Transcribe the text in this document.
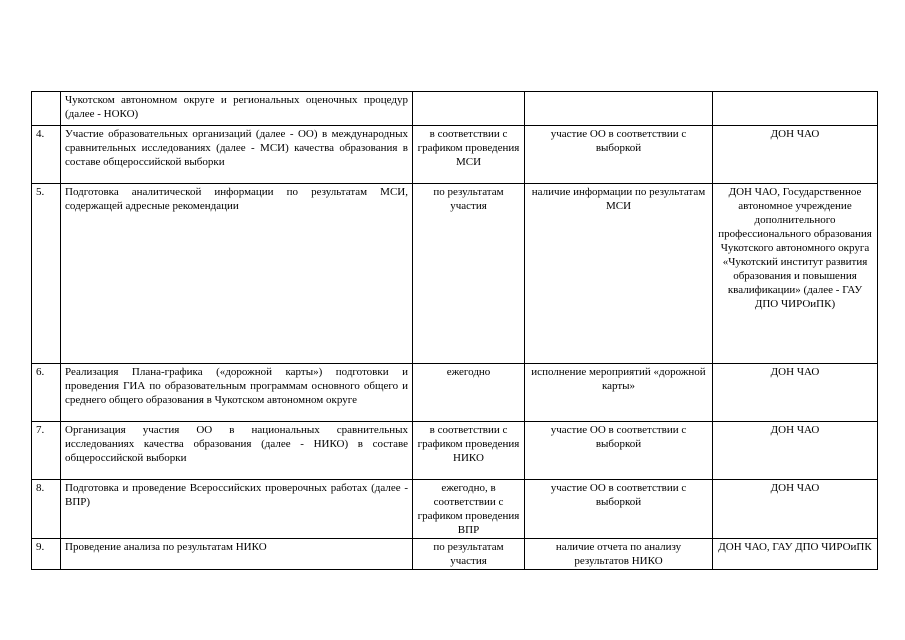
	Чукотском автономном округе и региональных оценочных процедур (далее - НОКО)			
4.	Участие образовательных организаций (далее - ОО) в международных сравнительных исследованиях (далее - МСИ) качества образования в составе общероссийской выборки	в соответствии с графиком проведения МСИ	участие ОО в соответствии с выборкой	ДОН ЧАО
5.	Подготовка аналитической информации по результатам МСИ, содержащей адресные рекомендации	по результатам участия	наличие информации по результатам МСИ	ДОН ЧАО, Государственное автономное учреждение дополнительного профессионального образования Чукотского автономного округа «Чукотский институт развития образования и повышения квалификации» (далее - ГАУ ДПО ЧИРОиПК)
6.	Реализация Плана-графика («дорожной карты») подготовки и проведения ГИА по образовательным программам основного общего и среднего общего образования в Чукотском автономном округе	ежегодно	исполнение мероприятий «дорожной карты»	ДОН ЧАО
7.	Организация участия ОО в национальных сравнительных исследованиях качества образования (далее - НИКО) в составе общероссийской выборки	в соответствии с графиком проведения НИКО	участие ОО в соответствии с выборкой	ДОН ЧАО
8.	Подготовка и проведение Всероссийских проверочных работах (далее - ВПР)	ежегодно, в соответствии с графиком проведения ВПР	участие ОО в соответствии с выборкой	ДОН ЧАО
9.	Проведение анализа по результатам НИКО	по результатам участия	наличие отчета по анализу результатов НИКО	ДОН ЧАО, ГАУ ДПО ЧИРОиПК
